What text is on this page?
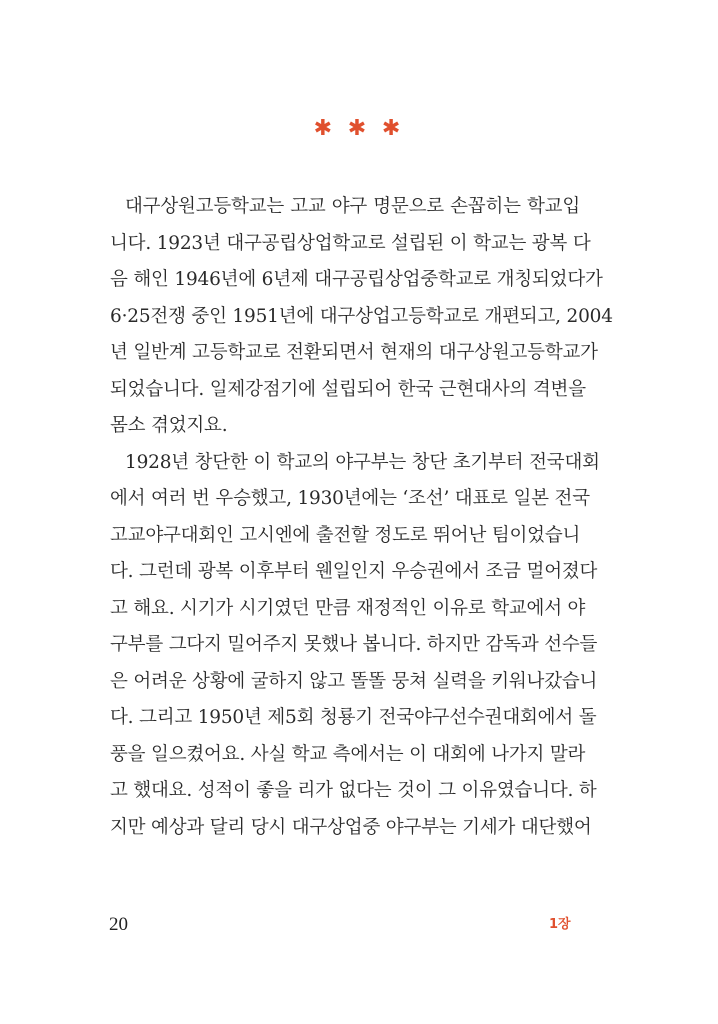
✱ ✱ ✱
대구상원고등학교는 고교 야구 명문으로 손꼽히는 학교입
니다. 1923년 대구공립상업학교로 설립된 이 학교는 광복 다
음 해인 1946년에 6년제 대구공립상업중학교로 개칭되었다가
6·25전쟁 중인 1951년에 대구상업고등학교로 개편되고, 2004
년 일반계 고등학교로 전환되면서 현재의 대구상원고등학교가
되었습니다. 일제강점기에 설립되어 한국 근현대사의 격변을
몸소 겪었지요.
1928년 창단한 이 학교의 야구부는 창단 초기부터 전국대회
에서 여러 번 우승했고, 1930년에는 ‘조선’ 대표로 일본 전국
고교야구대회인 고시엔에 출전할 정도로 뛰어난 팀이었습니
다. 그런데 광복 이후부터 웬일인지 우승권에서 조금 멀어졌다
고 해요. 시기가 시기였던 만큼 재정적인 이유로 학교에서 야
구부를 그다지 밀어주지 못했나 봅니다. 하지만 감독과 선수들
은 어려운 상황에 굴하지 않고 똘똘 뭉쳐 실력을 키워나갔습니
다. 그리고 1950년 제5회 청룡기 전국야구선수권대회에서 돌
풍을 일으켰어요. 사실 학교 측에서는 이 대회에 나가지 말라
고 했대요. 성적이 좋을 리가 없다는 것이 그 이유였습니다. 하
지만 예상과 달리 당시 대구상업중 야구부는 기세가 대단했어
20	1장
